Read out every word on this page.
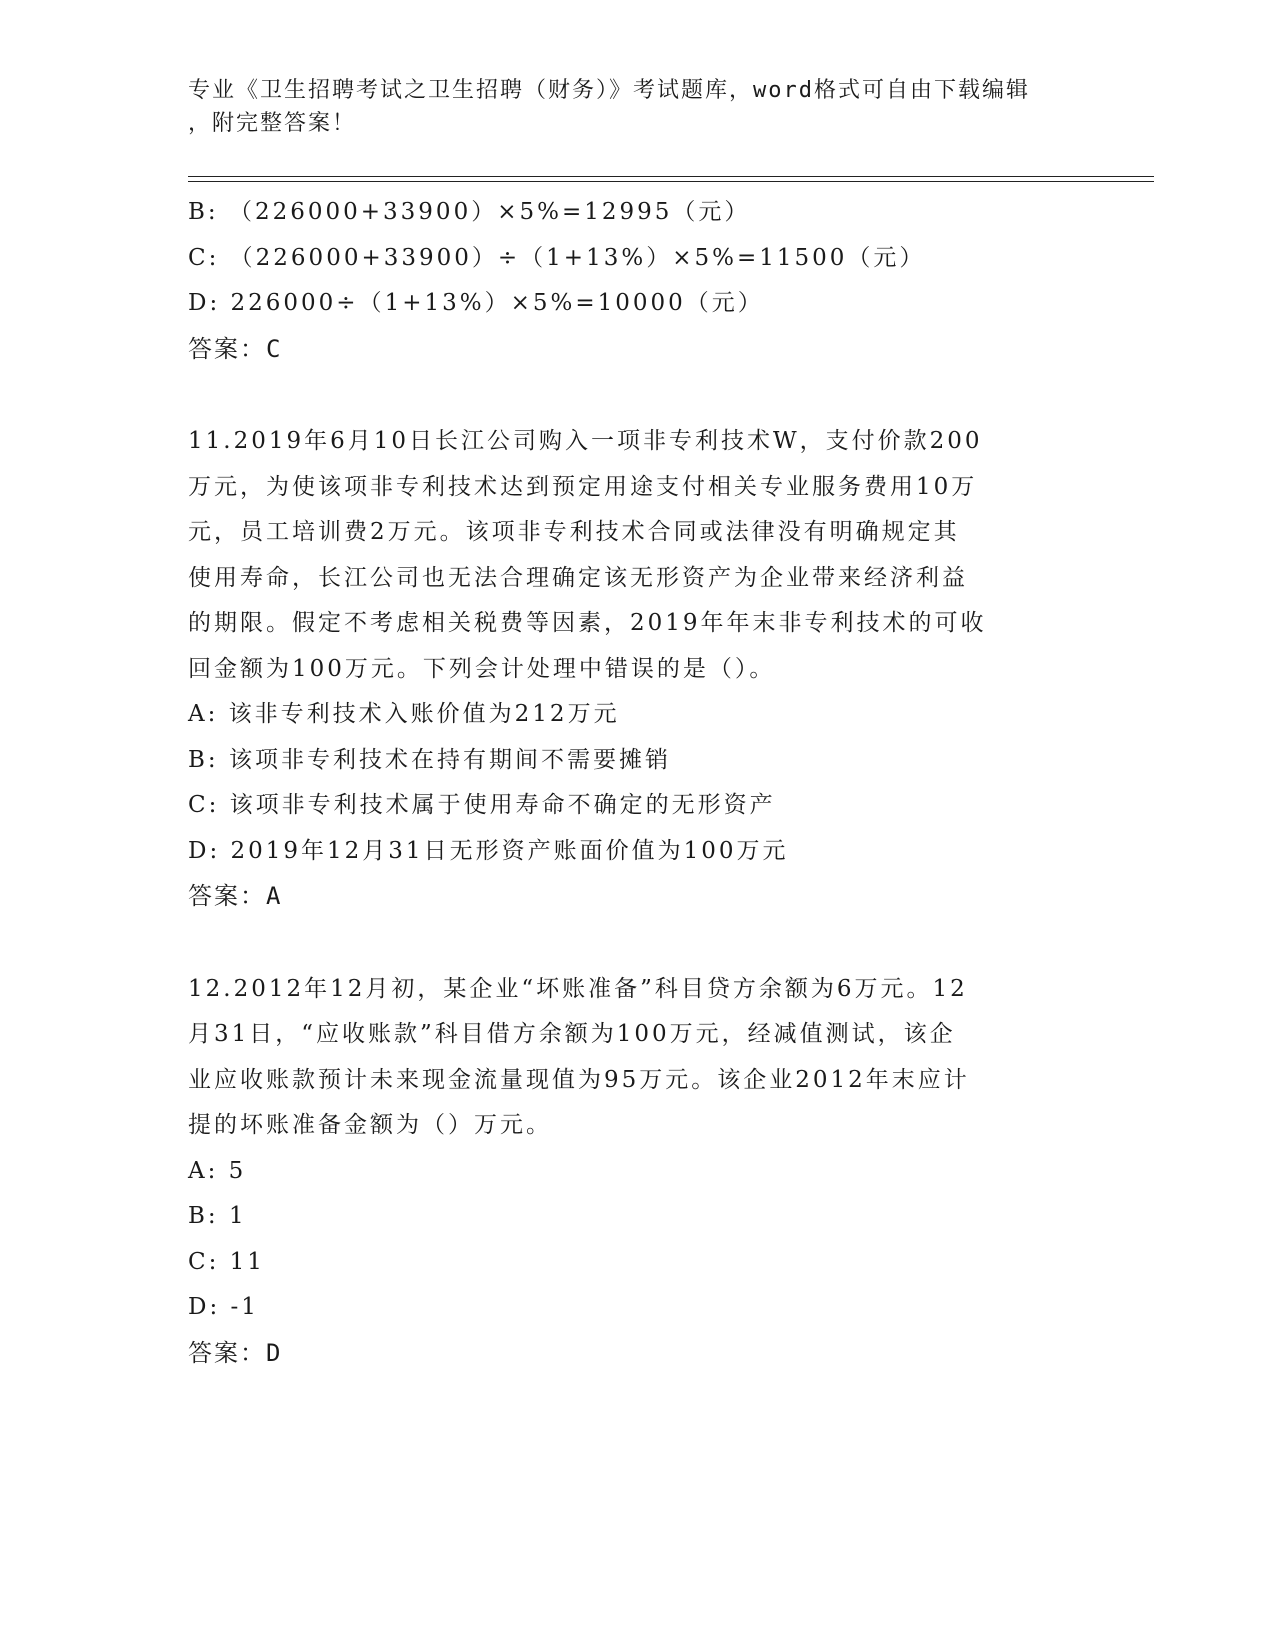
专业《卫生招聘考试之卫生招聘（财务）》考试题库，word格式可自由下载编辑
，附完整答案！
B: （226000+33900）×5%=12995（元）
C: （226000+33900）÷（1+13%）×5%=11500（元）
D: 226000÷（1+13%）×5%=10000（元）
答案：C
11.2019年6月10日长江公司购入一项非专利技术W，支付价款200
万元，为使该项非专利技术达到预定用途支付相关专业服务费用10万
元，员工培训费2万元。该项非专利技术合同或法律没有明确规定其
使用寿命，长江公司也无法合理确定该无形资产为企业带来经济利益
的期限。假定不考虑相关税费等因素，2019年年末非专利技术的可收
回金额为100万元。下列会计处理中错误的是（）。
A: 该非专利技术入账价值为212万元
B: 该项非专利技术在持有期间不需要摊销
C: 该项非专利技术属于使用寿命不确定的无形资产
D: 2019年12月31日无形资产账面价值为100万元
答案：A
12.2012年12月初，某企业“坏账准备”科目贷方余额为6万元。12
月31日，“应收账款”科目借方余额为100万元，经减值测试，该企
业应收账款预计未来现金流量现值为95万元。该企业2012年末应计
提的坏账准备金额为（）万元。
A: 5
B: 1
C: 11
D: -1
答案：D
